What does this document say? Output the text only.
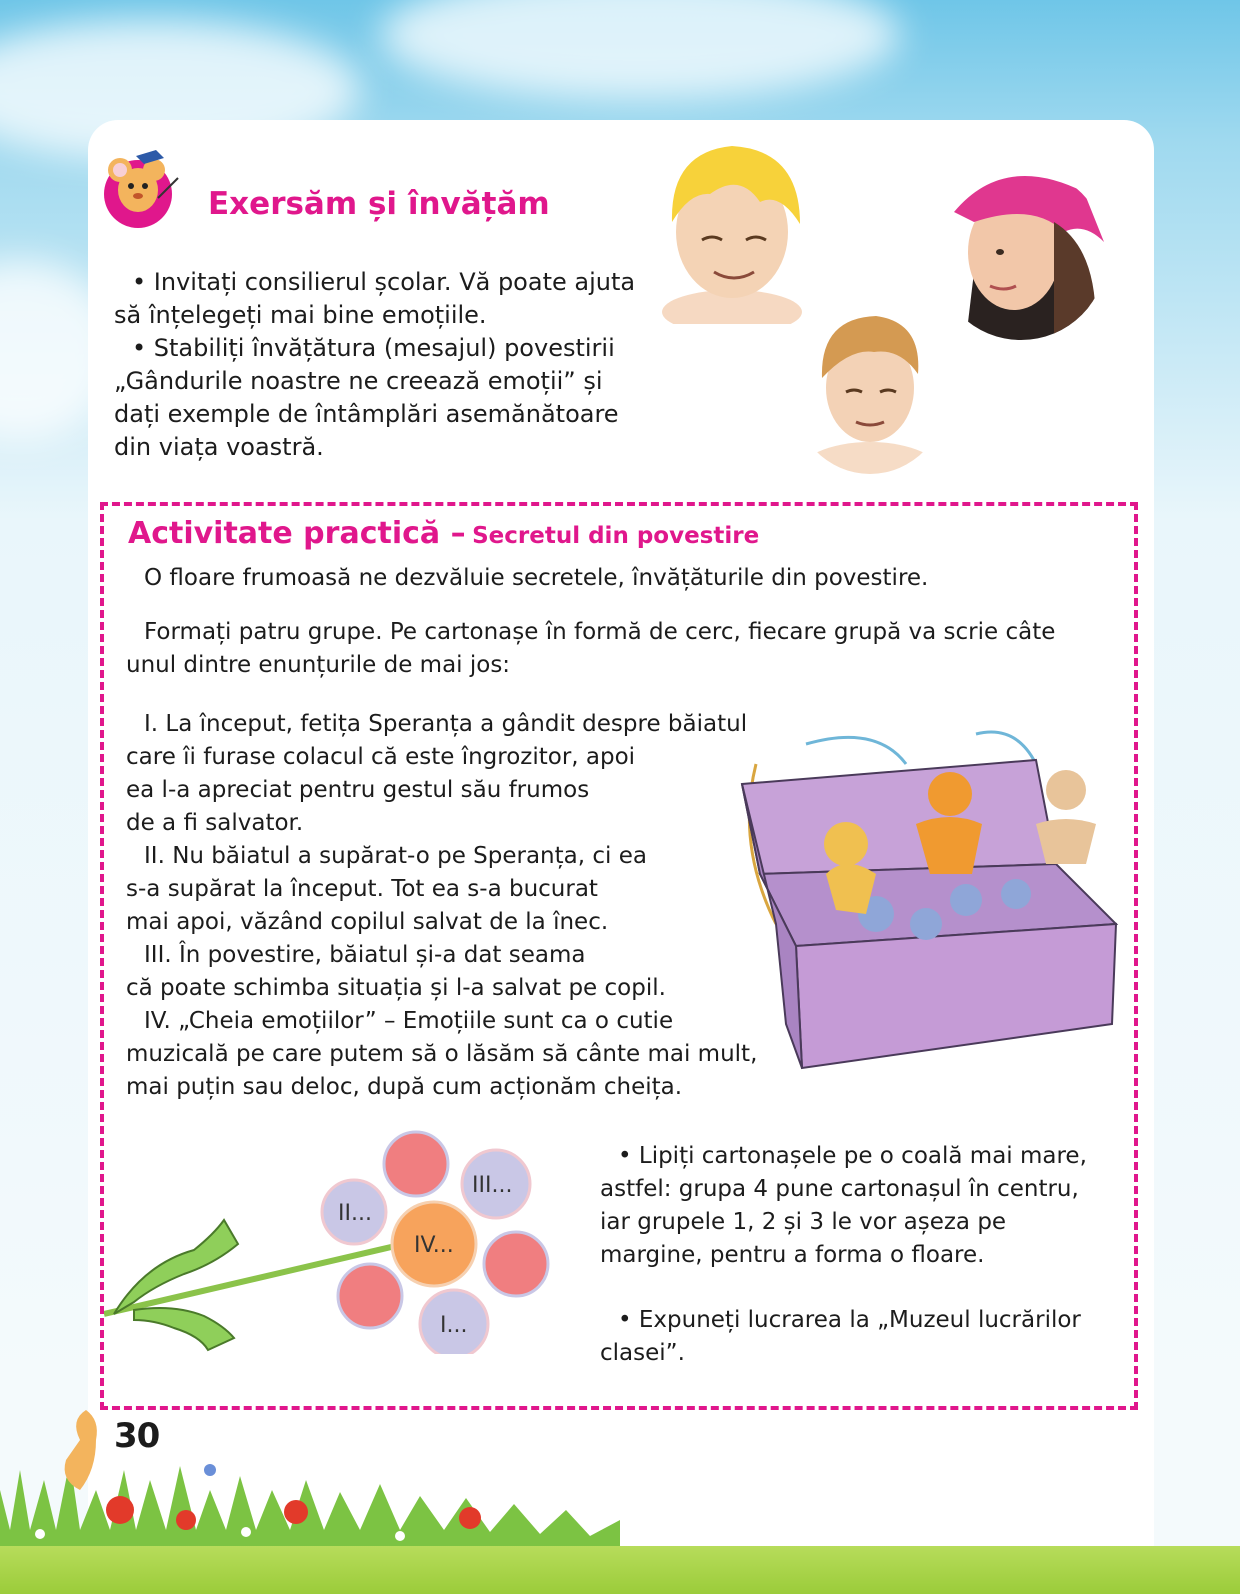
Exersăm și învățăm

• Invitați consilierul școlar. Vă poate ajuta

să înțelegeți mai bine emoțiile.

• Stabiliți învățătura (mesajul) povestirii

„Gândurile noastre ne creează emoții” și

dați exemple de întâmplări asemănătoare

din viața voastră.

Activitate practică – Secretul din povestire

O floare frumoasă ne dezvăluie secretele, învățăturile din povestire.

Formați patru grupe. Pe cartonașe în formă de cerc, fiecare grupă va scrie câte

unul dintre enunțurile de mai jos:

I. La început, fetița Speranța a gândit despre băiatul

care îi furase colacul că este îngrozitor, apoi

ea l-a apreciat pentru gestul său frumos

de a fi salvator.

II. Nu băiatul a supărat-o pe Speranța, ci ea

s-a supărat la început. Tot ea s-a bucurat

mai apoi, văzând copilul salvat de la înec.

III. În povestire, băiatul și-a dat seama

că poate schimba situația și l-a salvat pe copil.

IV. „Cheia emoțiilor” – Emoțiile sunt ca o cutie

muzicală pe care putem să o lăsăm să cânte mai mult,

mai puțin sau deloc, după cum acționăm cheița.

IV...
II...
III...
I...

• Lipiți cartonașele pe o coală mai mare,

astfel: grupa 4 pune cartonașul în centru,

iar grupele 1, 2 și 3 le vor așeza pe

margine, pentru a forma o floare.

• Expuneți lucrarea la „Muzeul lucrărilor

clasei”.

30
